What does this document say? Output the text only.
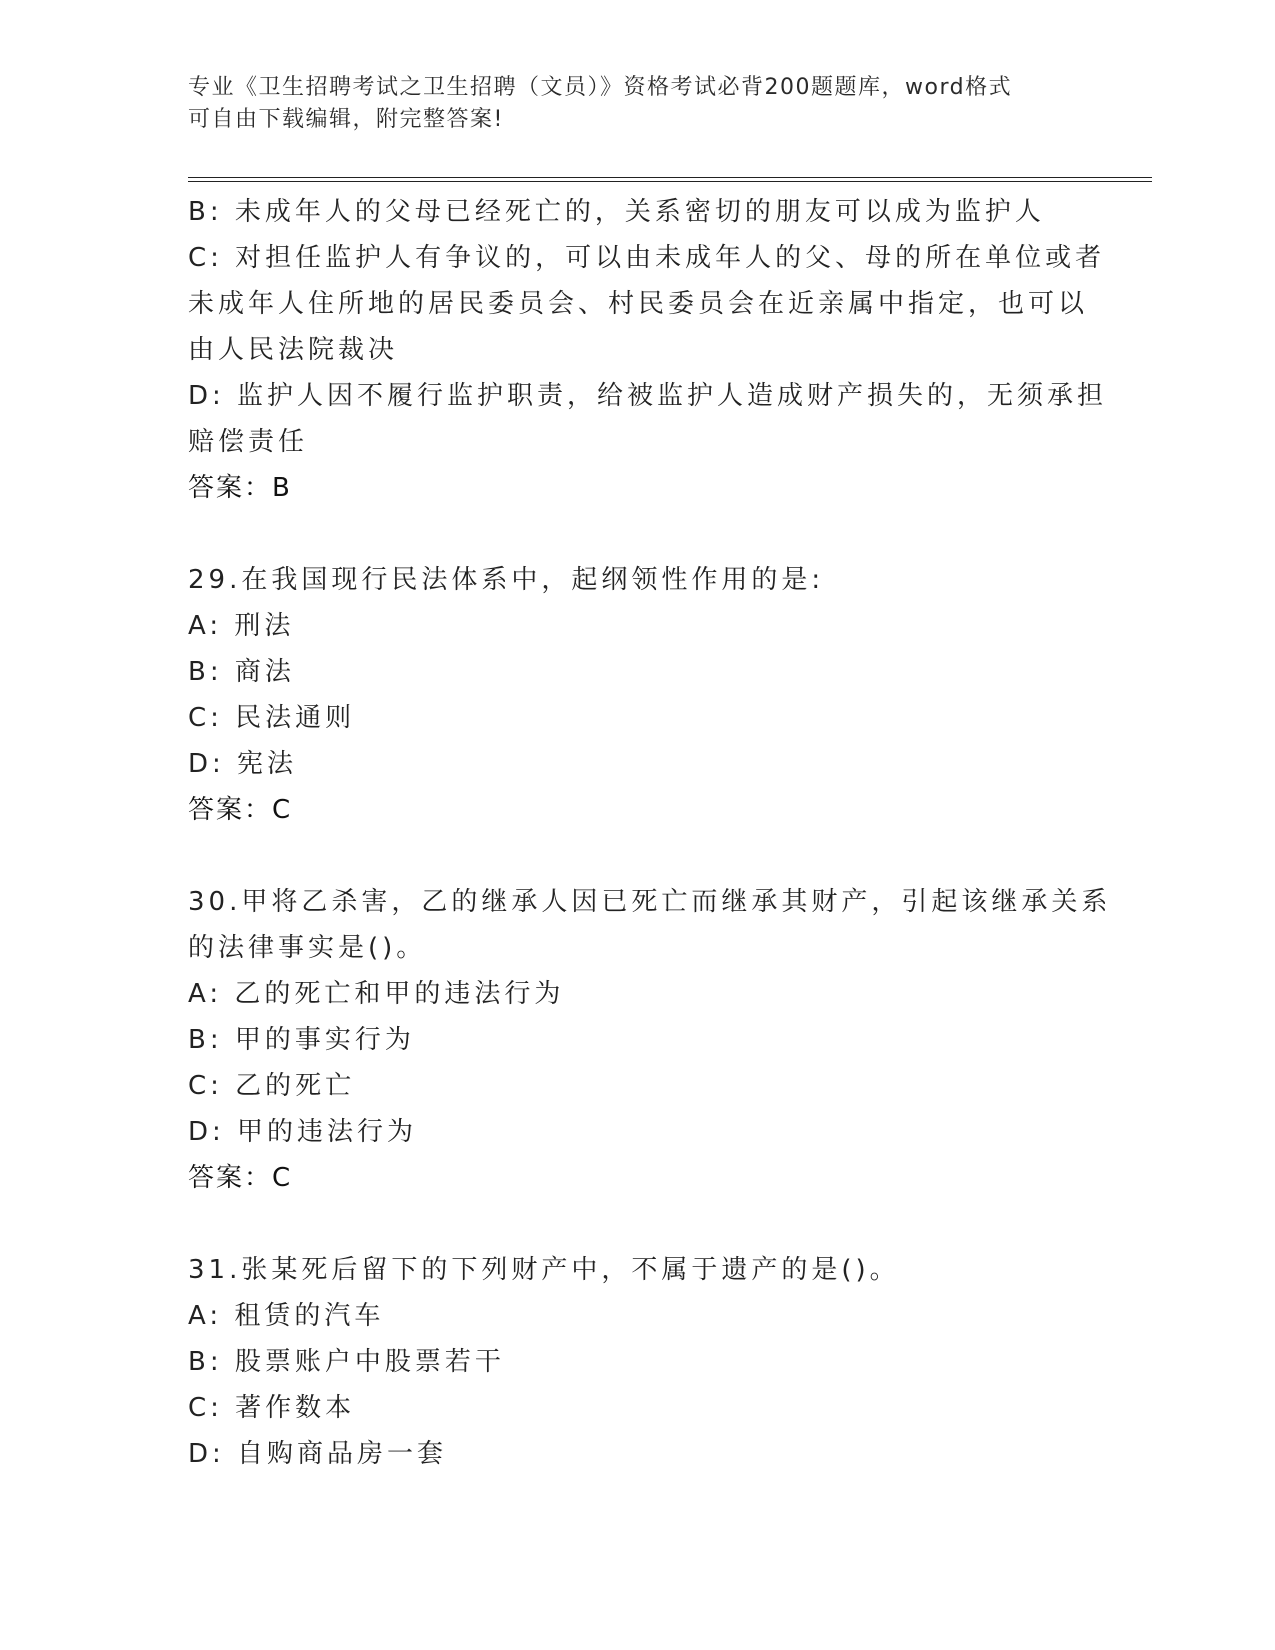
专业《卫生招聘考试之卫生招聘（文员）》资格考试必背200题题库，word格式
可自由下载编辑，附完整答案!
B: 未成年人的父母已经死亡的，关系密切的朋友可以成为监护人
C: 对担任监护人有争议的，可以由未成年人的父、母的所在单位或者
未成年人住所地的居民委员会、村民委员会在近亲属中指定，也可以
由人民法院裁决
D: 监护人因不履行监护职责，给被监护人造成财产损失的，无须承担
赔偿责任
答案：B
29.在我国现行民法体系中，起纲领性作用的是:
A: 刑法
B: 商法
C: 民法通则
D: 宪法
答案：C
30.甲将乙杀害，乙的继承人因已死亡而继承其财产，引起该继承关系
的法律事实是()。
A: 乙的死亡和甲的违法行为
B: 甲的事实行为
C: 乙的死亡
D: 甲的违法行为
答案：C
31.张某死后留下的下列财产中，不属于遗产的是()。
A: 租赁的汽车
B: 股票账户中股票若干
C: 著作数本
D: 自购商品房一套
